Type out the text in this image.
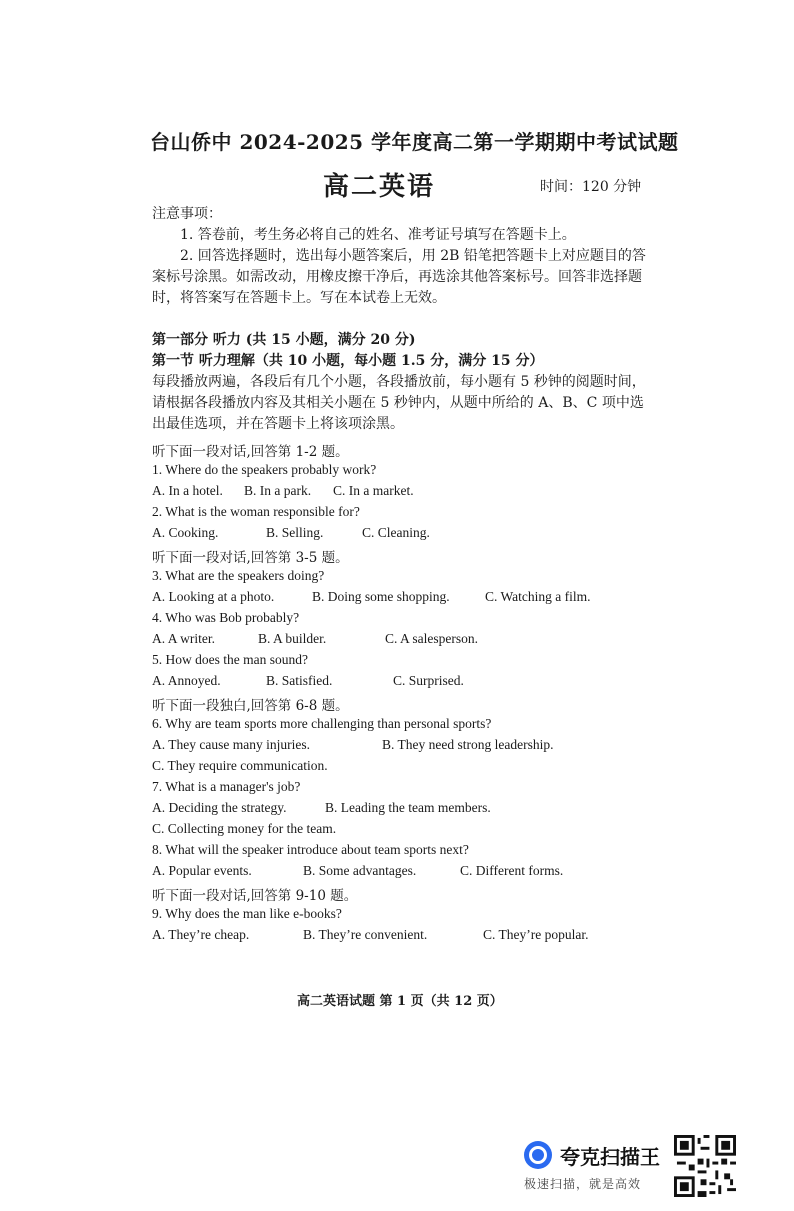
台山侨中 2024-2025 学年度高二第一学期期中考试试题
高二英语	时间：120 分钟
注意事项：
1. 答卷前，考生务必将自己的姓名、准考证号填写在答题卡上。
2. 回答选择题时，选出每小题答案后，用 2B 铅笔把答题卡上对应题目的答案标号涂黑。如需改动，用橡皮擦干净后，再选涂其他答案标号。回答非选择题时，将答案写在答题卡上。写在本试卷上无效。
第一部分 听力 (共 15 小题，满分 20 分)
第一节 听力理解（共 10 小题，每小题 1.5 分，满分 15 分）
每段播放两遍，各段后有几个小题，各段播放前，每小题有 5 秒钟的阅题时间，请根据各段播放内容及其相关小题在 5 秒钟内，从题中所给的 A、B、C 项中选出最佳选项，并在答题卡上将该项涂黑。
听下面一段对话,回答第 1-2 题。
1. Where do the speakers probably work?
A. In a hotel. B. In a park. C. In a market.
2. What is the woman responsible for?
A. Cooking.	B. Selling.	C. Cleaning.
听下面一段对话,回答第 3-5 题。
3. What are the speakers doing?
A. Looking at a photo.	B. Doing some shopping.	C. Watching a film.
4. Who was Bob probably?
A. A writer.	B. A builder.	C. A salesperson.
5. How does the man sound?
A. Annoyed.	B. Satisfied.	C. Surprised.
听下面一段独白,回答第 6-8 题。
6. Why are team sports more challenging than personal sports?
A. They cause many injuries.	B. They need strong leadership.
C. They require communication.
7. What is a manager's job?
A. Deciding the strategy.	B. Leading the team members.
C. Collecting money for the team.
8. What will the speaker introduce about team sports next?
A. Popular events.	B. Some advantages.	C. Different forms.
听下面一段对话,回答第 9-10 题。
9. Why does the man like e-books?
A. They’re cheap.	B. They’re convenient.	C. They’re popular.
高二英语试题 第 1 页（共 12 页）
夸克扫描王
极速扫描，就是高效
